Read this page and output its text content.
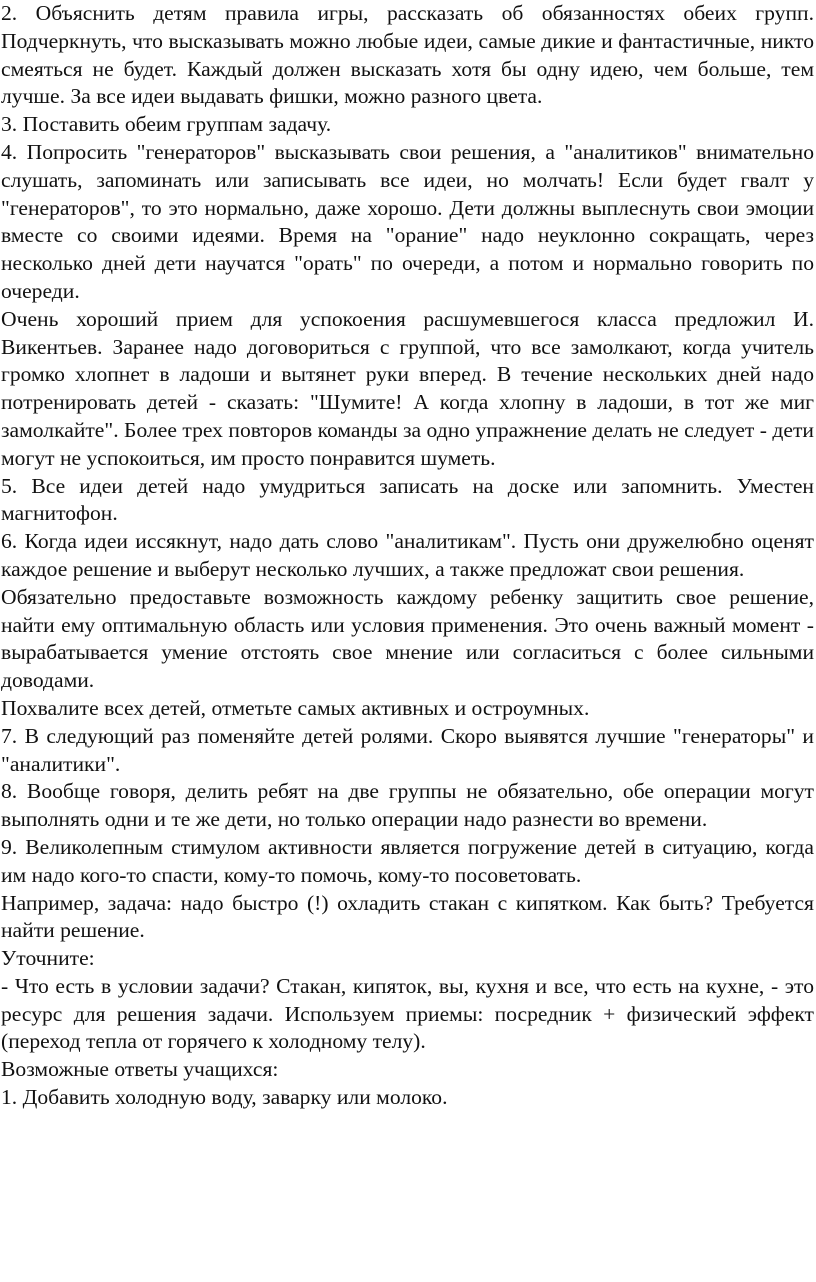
2. Объяснить детям правила игры, рассказать об обязанностях обеих групп. Подчеркнуть, что высказывать можно любые идеи, самые дикие и фантастичные, никто смеяться не будет. Каждый должен высказать хотя бы одну идею, чем больше, тем лучше. За все идеи выдавать фишки, можно разного цвета.

3. Поставить обеим группам задачу.

4. Попросить "генераторов" высказывать свои решения, а "аналитиков" внимательно слушать, запоминать или записывать все идеи, но молчать! Если будет гвалт у "генераторов", то это нормально, даже хорошо. Дети должны выплеснуть свои эмоции вместе со своими идеями. Время на "орание" надо неуклонно сокращать, через несколько дней дети научатся "орать" по очереди, а потом и нормально говорить по очереди.

Очень хороший прием для успокоения расшумевшегося класса предложил И. Викентьев. Заранее надо договориться с группой, что все замолкают, когда учитель громко хлопнет в ладоши и вытянет руки вперед. В течение нескольких дней надо потренировать детей - сказать: "Шумите! А когда хлопну в ладоши, в тот же миг замолкайте". Более трех повторов команды за одно упражнение делать не следует - дети могут не успокоиться, им просто понравится шуметь.

5. Все идеи детей надо умудриться записать на доске или запомнить. Уместен магнитофон.

6. Когда идеи иссякнут, надо дать слово "аналитикам". Пусть они дружелюбно оценят каждое решение и выберут несколько лучших, а также предложат свои решения.

Обязательно предоставьте возможность каждому ребенку защитить свое решение, найти ему оптимальную область или условия применения. Это очень важный момент - вырабатывается умение отстоять свое мнение или согласиться с более сильными доводами.

Похвалите всех детей, отметьте самых активных и остроумных.

7. В следующий раз поменяйте детей ролями. Скоро выявятся лучшие "генераторы" и "аналитики".

8. Вообще говоря, делить ребят на две группы не обязательно, обе операции могут выполнять одни и те же дети, но только операции надо разнести во времени.

9. Великолепным стимулом активности является погружение детей в ситуацию, когда им надо кого-то спасти, кому-то помочь, кому-то посоветовать.

Например, задача: надо быстро (!) охладить стакан с кипятком. Как быть? Требуется найти решение.

Уточните:

- Что есть в условии задачи? Стакан, кипяток, вы, кухня и все, что есть на кухне, - это ресурс для решения задачи. Используем приемы: посредник + физический эффект (переход тепла от горячего к холодному телу).

Возможные ответы учащихся:

1. Добавить холодную воду, заварку или молоко.
